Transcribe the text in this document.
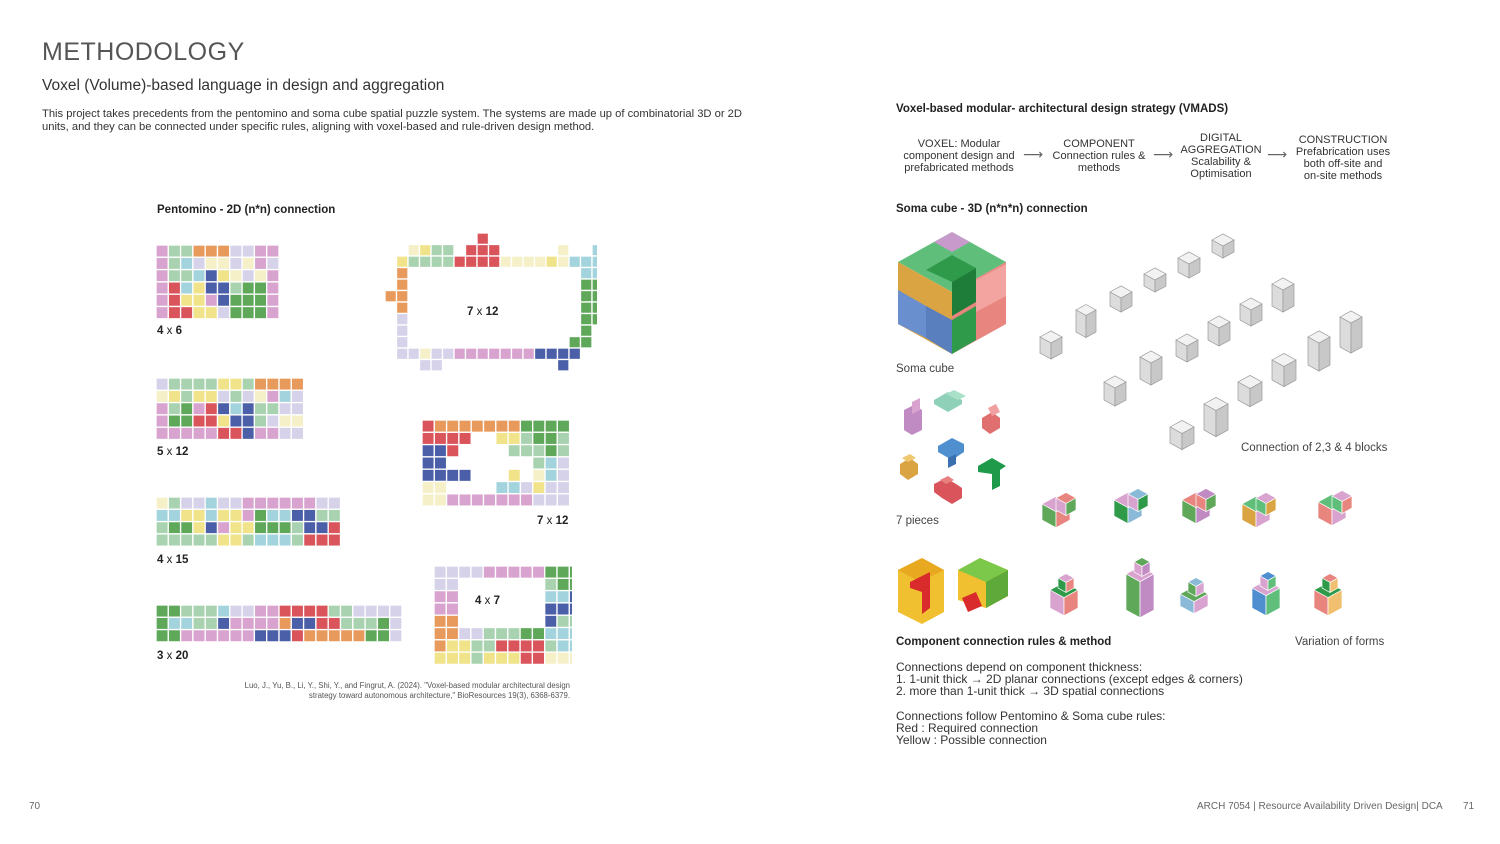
METHODOLOGY
Voxel (Volume)-based language in design and aggregation
This project takes precedents from the pentomino and soma cube spatial puzzle system. The systems are made up of combinatorial 3D or 2D units, and they can be connected under specific rules, aligning with voxel-based and rule-driven design method.
Pentomino - 2D (n*n) connection
4 x 6
5 x 12
4 x 15
3 x 20
7 x 12
7 x 12
4 x 7
Luo, J., Yu, B., Li, Y., Shi, Y., and Fingrut, A. (2024). "Voxel-based modular architectural design strategy toward autonomous architecture," BioResources 19(3), 6368-6379.
70
Voxel-based modular- architectural design strategy (VMADS)
VOXEL: Modular
component design and
prefabricated methods
⟶
COMPONENT
Connection rules &
methods
⟶
DIGITAL
AGGREGATION
Scalability &
Optimisation
⟶
CONSTRUCTION
Prefabrication uses
both off-site and
on-site methods
Soma cube - 3D (n*n*n) connection
Soma cube
7 pieces
Connection of 2,3 & 4 blocks
Component connection rules & method	Variation of forms
Connections depend on component thickness:
1. 1-unit thick → 2D planar connections (except edges & corners)
2. more than 1-unit thick → 3D spatial connections
Connections follow Pentomino & Soma cube rules:
Red : Required connection
Yellow : Possible connection
ARCH 7054 | Resource Availability Driven Design| DCA 71
